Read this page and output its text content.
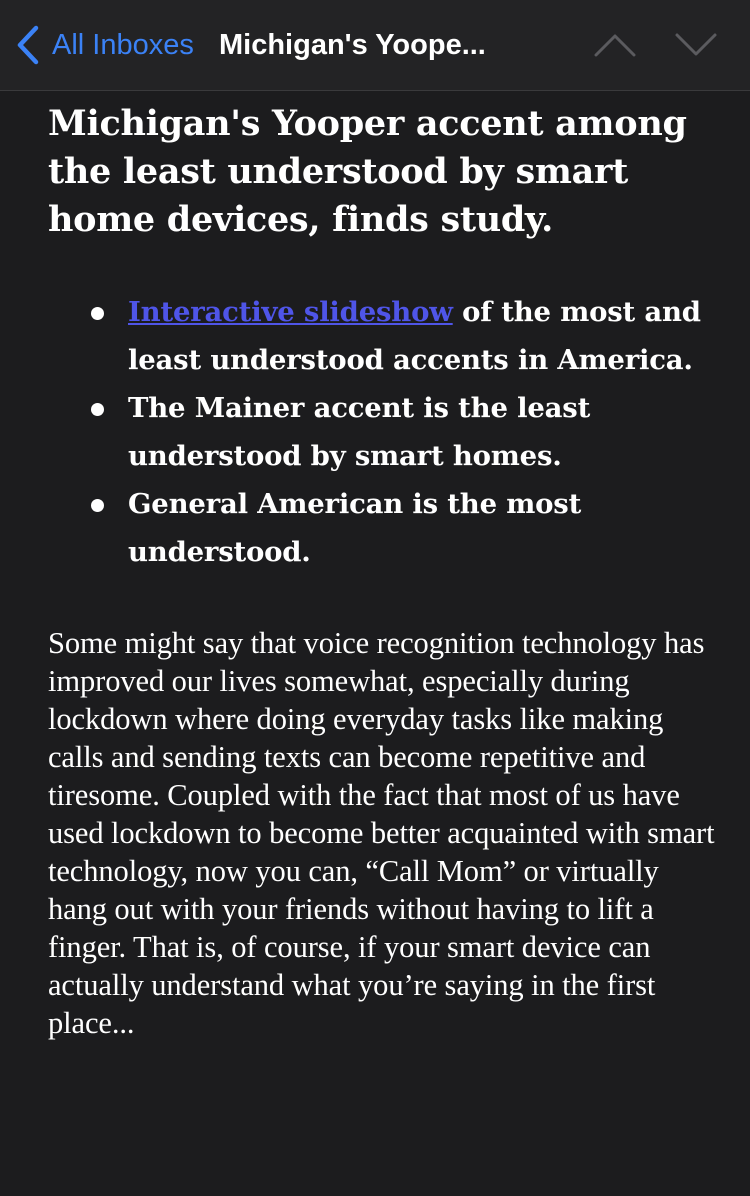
All Inboxes Michigan's Yoope...
Michigan's Yooper accent among the least understood by smart home devices, finds study.
Interactive slideshow of the most and least understood accents in America.
The Mainer accent is the least understood by smart homes.
General American is the most understood.

Some might say that voice recognition technology has improved our lives somewhat, especially during lockdown where doing everyday tasks like making calls and sending texts can become repetitive and tiresome. Coupled with the fact that most of us have used lockdown to become better acquainted with smart technology, now you can, “Call Mom” or virtually hang out with your friends without having to lift a finger. That is, of course, if your smart device can actually understand what you’re saying in the first place...
